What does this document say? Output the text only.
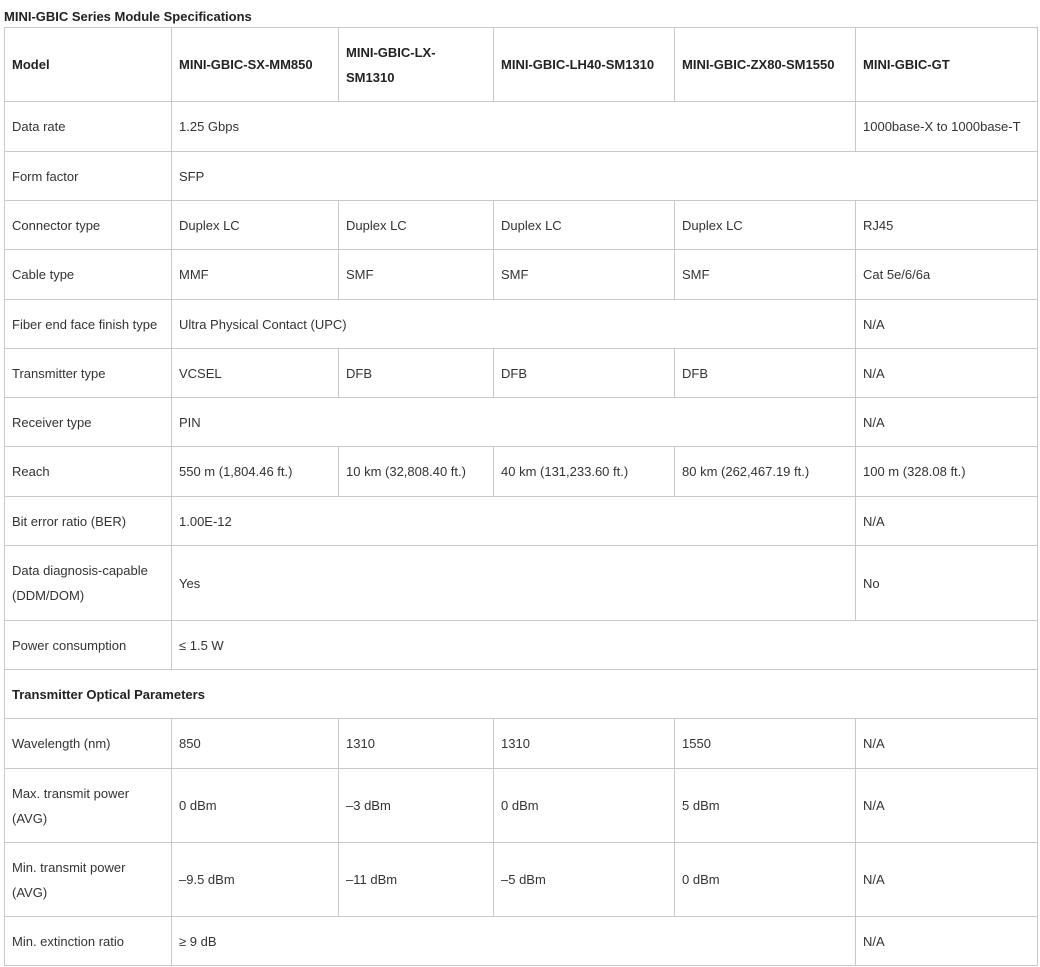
MINI-GBIC Series Module Specifications
Model	MINI-GBIC-SX-MM850	MINI-GBIC-LX-
SM1310	MINI-GBIC-LH40-SM1310	MINI-GBIC-ZX80-SM1550	MINI-GBIC-GT
Data rate	1.25 Gbps				1000base-X to 1000base-T
Form factor	SFP				
Connector type	Duplex LC	Duplex LC	Duplex LC	Duplex LC	RJ45
Cable type	MMF	SMF	SMF	SMF	Cat 5e/6/6a
Fiber end face finish type	Ultra Physical Contact (UPC)				N/A
Transmitter type	VCSEL	DFB	DFB	DFB	N/A
Receiver type	PIN				N/A
Reach	550 m (1,804.46 ft.)	10 km (32,808.40 ft.)	40 km (131,233.60 ft.)	80 km (262,467.19 ft.)	100 m (328.08 ft.)
Bit error ratio (BER)	1.00E-12				N/A
Data diagnosis-capable
(DDM/DOM)	Yes				No
Power consumption	≤ 1.5 W				
Transmitter Optical Parameters					
Wavelength (nm)	850	1310	1310	1550	N/A
Max. transmit power
(AVG)	0 dBm	–3 dBm	0 dBm	5 dBm	N/A
Min. transmit power
(AVG)	–9.5 dBm	–11 dBm	–5 dBm	0 dBm	N/A
Min. extinction ratio	≥ 9 dB				N/A
